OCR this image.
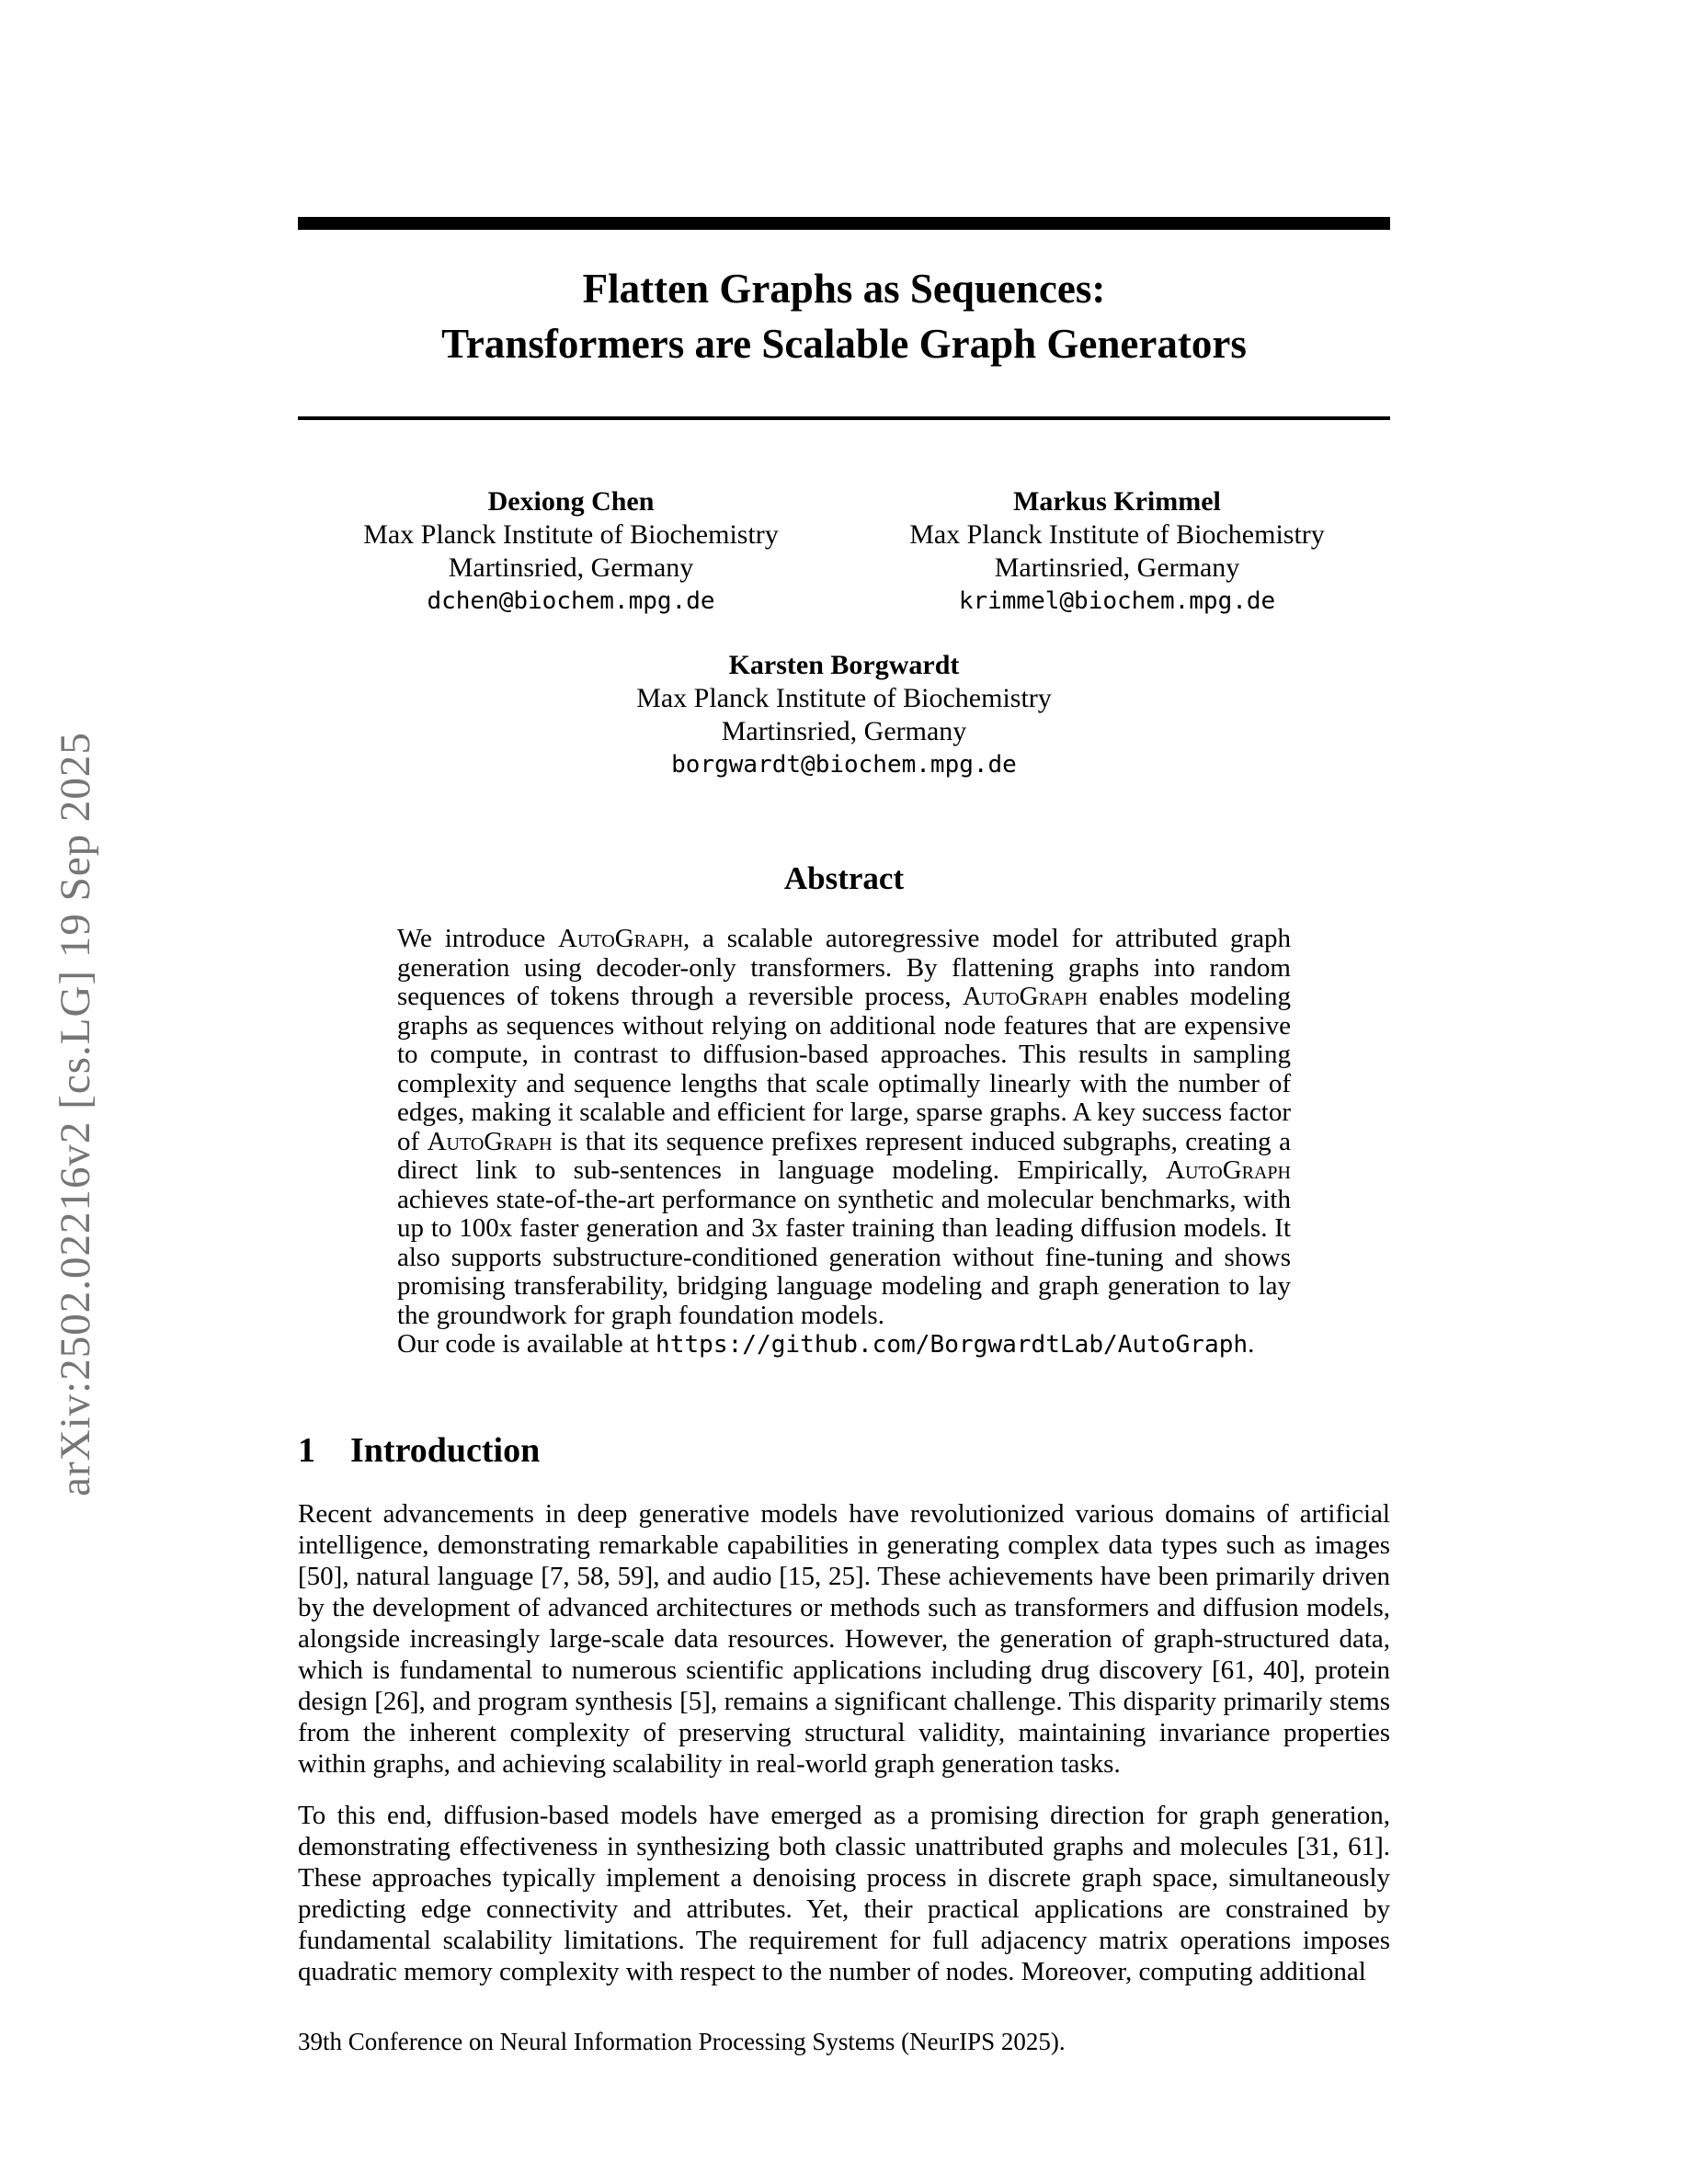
arXiv:2502.02216v2 [cs.LG] 19 Sep 2025
Flatten Graphs as Sequences:
Transformers are Scalable Graph Generators
Dexiong Chen
Max Planck Institute of Biochemistry
Martinsried, Germany
dchen@biochem.mpg.de
Markus Krimmel
Max Planck Institute of Biochemistry
Martinsried, Germany
krimmel@biochem.mpg.de
Karsten Borgwardt
Max Planck Institute of Biochemistry
Martinsried, Germany
borgwardt@biochem.mpg.de
Abstract
We introduce AutoGraph, a scalable autoregressive model for attributed graph generation using decoder-only transformers. By flattening graphs into random sequences of tokens through a reversible process, AutoGraph enables modeling graphs as sequences without relying on additional node features that are expensive to compute, in contrast to diffusion-based approaches. This results in sampling complexity and sequence lengths that scale optimally linearly with the number of edges, making it scalable and efficient for large, sparse graphs. A key success factor of AutoGraph is that its sequence prefixes represent induced subgraphs, creating a direct link to sub-sentences in language modeling. Empirically, AutoGraph achieves state-of-the-art performance on synthetic and molecular benchmarks, with up to 100x faster generation and 3x faster training than leading diffusion models. It also supports substructure-conditioned generation without fine-tuning and shows promising transferability, bridging language modeling and graph generation to lay the groundwork for graph foundation models.
Our code is available at https://github.com/BorgwardtLab/AutoGraph.
1 Introduction

Recent advancements in deep generative models have revolutionized various domains of artificial intelligence, demonstrating remarkable capabilities in generating complex data types such as images [50], natural language [7, 58, 59], and audio [15, 25]. These achievements have been primarily driven by the development of advanced architectures or methods such as transformers and diffusion models, alongside increasingly large-scale data resources. However, the generation of graph-structured data, which is fundamental to numerous scientific applications including drug discovery [61, 40], protein design [26], and program synthesis [5], remains a significant challenge. This disparity primarily stems from the inherent complexity of preserving structural validity, maintaining invariance properties within graphs, and achieving scalability in real-world graph generation tasks.

To this end, diffusion-based models have emerged as a promising direction for graph generation, demonstrating effectiveness in synthesizing both classic unattributed graphs and molecules [31, 61]. These approaches typically implement a denoising process in discrete graph space, simultaneously predicting edge connectivity and attributes. Yet, their practical applications are constrained by fundamental scalability limitations. The requirement for full adjacency matrix operations imposes quadratic memory complexity with respect to the number of nodes. Moreover, computing additional

39th Conference on Neural Information Processing Systems (NeurIPS 2025).
